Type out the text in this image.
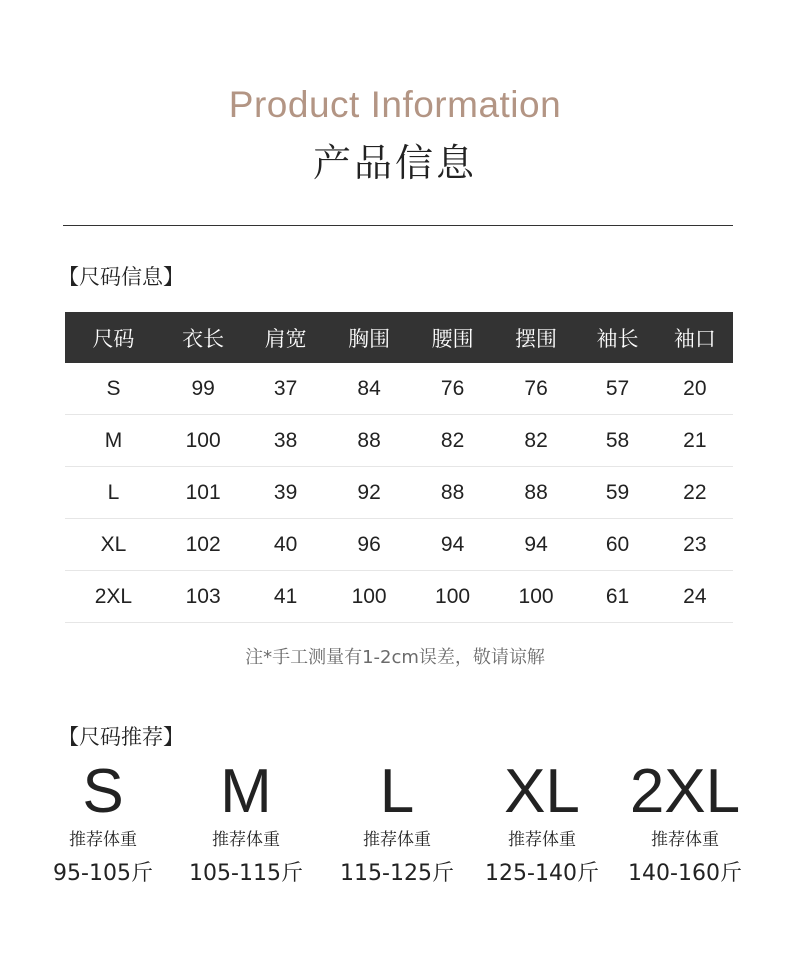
Product Information
产品信息
【尺码信息】
尺码	衣长	肩宽	胸围	腰围	摆围	袖长	袖口
S	99	37	84	76	76	57	20
M	100	38	88	82	82	58	21
L	101	39	92	88	88	59	22
XL	102	40	96	94	94	60	23
2XL	103	41	100	100	100	61	24
注*手工测量有1-2cm误差，敬请谅解
【尺码推荐】
S
推荐体重
95-105斤
M
推荐体重
105-115斤
L
推荐体重
115-125斤
XL
推荐体重
125-140斤
2XL
推荐体重
140-160斤
